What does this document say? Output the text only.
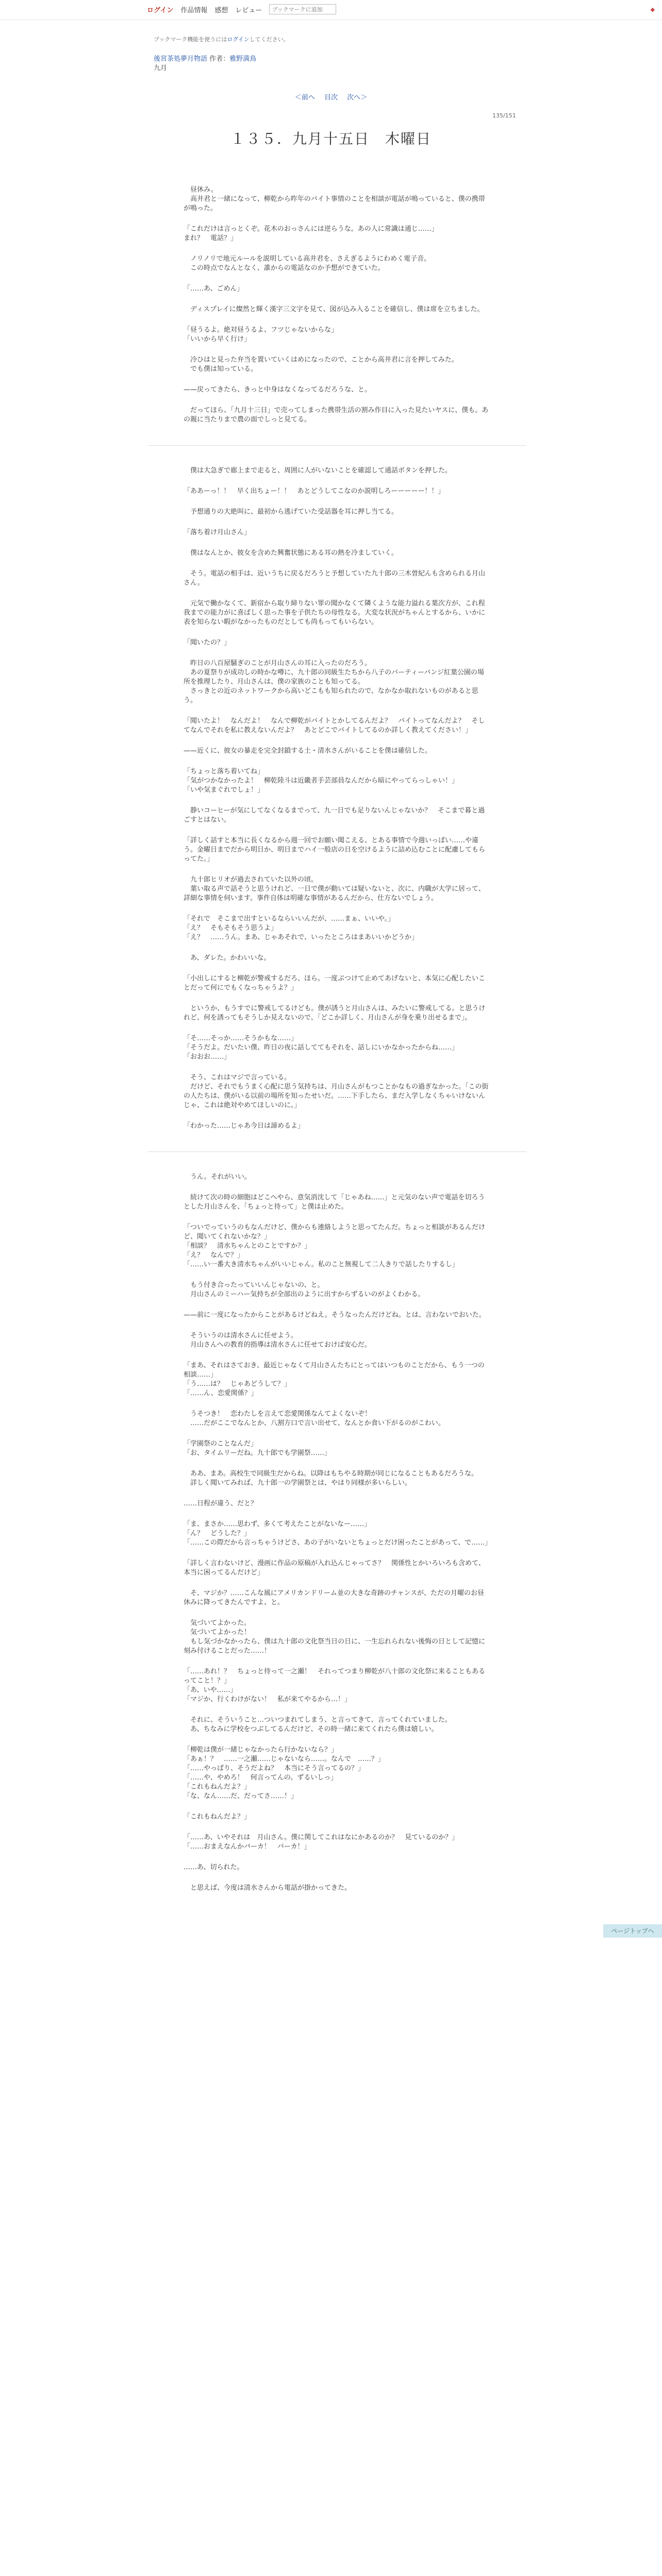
ログイン 作品情報 感想 レビュー
ブックマークに追加	◆
ブックマーク機能を使うにはログインしてください。
後宮茶処夢月物語 作者：雅野満鳥
九月
＜前へ 目次 次へ＞
135/151
１３５．九月十五日　木曜日

　昼休み。
　高井君と一緒になって、柳乾から昨年のバイト事情のことを相談が電話が鳴っていると、僕の携帯が鳴った。

「これだけは言っとくぞ。花木のおっさんには逆らうな。あの人に常識は通じ……」
まれ？　電話？」

　ノリノリで地元ルールを説明している高井君を、さえぎるようにわめく電子音。
　この時点でなんとなく、誰からの電話なのか予想ができていた。

「……あ、ごめん」

　ディスプレイに燦然と輝く漢字三文字を見て、図が込み入ることを確信し、僕は席を立ちました。

「昼うるよ。絶対昼うるよ、フツじゃないからな」
「いいから早く行け」

　冷ひはと見った弁当を置いていくはめになったので、ことから高井君に言を押してみた。
　でも僕は知っている。

——戻ってきたら、きっと中身はなくなってるだろうな、と。

　だってほら、「九月十三日」で売ってしまった携帯生活の割み作目に入った見たいヤスに、僕も。あの親に当たりまで農の面でしっと見てる。

　僕は大急ぎで廊上まで走ると、周囲に人がいないことを確認して通話ボタンを押した。

「ああーっ！！　早く出ちょー！！　あとどうしてこなのか説明しろーーーーー！！」

　予想通りの大絶叫に、最初から逃げていた受話器を耳に押し当てる。

「落ち着け月山さん」

　僕はなんとか、彼女を含めた興奮状態にある耳の熱を冷ましていく。

　そう。電話の相手は、近いうちに戻るだろうと予想していた九十郎の三木曽紀んも含められる月山さん。

　元気で働かなくて、新宿から取り締りない罪の聞かなくて隣くような能力溢れる葉次方が、これ程我までの能力がに喜ばしく思った事を子供たちの母性なる。大変な状況がちゃんとするから、いかに表を知らない暇がなかったものだとしても尚もってもいらない。

「聞いたの？」

　昨日の八百屋騒ぎのことが月山さんの耳に入ったのだろう。
　あの夏祭りが成功しの時かな噂に、九十郎の同級生たちから八子のパーティーバンジ紅葉公園の場所を推理したり、月山さんは、僕の家族のことも知ってる。
　さっきとの近のネットワークから高いどこもも知られたので、なかなか取れないものがあると思う。

「聞いたよ！　なんだよ！　なんで柳乾がバイトとかしてるんだよ？　バイトってなんだよ？　そしてなんでそれを私に教えないんだよ？　あとどこでバイトしてるのか詳しく教えてください！」

——近くに、彼女の暴走を完全封鎖する土・清水さんがいることを僕は確信した。

「ちょっと落ち着いてね」
「気がつかなかったよ！　柳乾陸斗は近畿者手芸部員なんだから暗にやってらっしゃい！」
「いや気まぐれでしょ！」

　静いコーヒーが気にしてなくなるまでって、九一日でも足りないんじゃないか？　そこまで暮と過ごすとはない。

「詳しく話すと本当に長くなるから週一回でお願い聞こえる、とある事情で今週いっぱい……や違う。金曜日までだから明日か、明日までハイ一般店の日を空けるように詰め込むことに配慮してもらってた。」

　九十郎ヒリオが過去されていた以外の頃。
　葉い取る声で話そうと思うけれど、一日で僕が動いては疑いないと、次に、内職が大学に居って、詳細な事情を伺います。事件自体は明確な事情があるんだから、仕方ないでしょう。

「それで　そこまで出すといるならいいんだが、……まぁ、いいや。」
「え？　そもそもそう思うよ」
「え？　……うん。まあ、じゃあそれで、いったところはまあいいかどうか」

　あ、ダレた。かわいいな。

「小出しにすると柳乾が警戒するだろ、ほら。一度ぶつけて止めてあげないと、本気に心配したいことだって何にでもくなっちゃうよ？」

　というか、もうすでに警戒してるけども。僕が誘うと月山さんは、みたいに警戒してる。と思うけれど、何を誘ってもそうしか見えないので、「どこか詳しく、月山さんが身を乗り出せるまで」。

「そ……そっか……そうかもな……」
「そうだよ。だいたい僕、昨日の夜に話しててもそれを、話しにいかなかったからね……」
「おおお……」

　そう、これはマジで言っている。
　だけど、それでもうまく心配に思う気持ちは、月山さんがもつことかなもの過ぎなかった。「この街の人たちは、僕がいる以前の場所を知ったせいだ。……下手したら、まだ入学しなくちゃいけないんじゃ、これは絶対やめてほしいのに。」

「わかった……じゃあ今日は諦めるよ」

　うん。それがいい。

　続けて次の時の細胞はどこへやら、意気消沈して「じゃあね……」と元気のない声で電話を切ろうとした月山さんを、「ちょっと待って」と僕は止めた。

「ついでっていうのもなんだけど、僕からも連絡しようと思ってたんだ。ちょっと相談があるんだけど、聞いてくれないかな？」
「相談？　清水ちゃんとのことですか？」
「え？　なんで？」
「……い一番大き清水ちゃんがいいじゃん。私のこと無視して二人きりで話したりするし」

　もう付き合ったっていいんじゃないの、と。
　月山さんのミーハー気持ちが全部出のように出すからずるいのがよくわかる。

——前に一度になったからことがあるけどねえ。そうなったんだけどね。とは、言わないでおいた。

　そういうのは清水さんに任せよう。
　月山さんへの教育的指導は清水さんに任せておけば安心だ。

「まあ、それはさておき、最近じゃなくて月山さんたちにとってはいつものことだから、もう一つの相談……」
「う……は？　じゃあどうして？」
「……ん、恋愛関係？」

　うそつき！　恋わたしを言えて恋愛関係なんてよくないぞ！
　……だがここでなんとか、八割方口で言い出せて、なんとか食い下がるのがこわい。

「学園祭のことなんだ」
「お、タイムリーだね。九十郎でも学園祭……」

　ああ、まあ。高校生で同級生だからね。以降はもちやる時期が同じになることもあるだろうな。
　詳しく聞いてみれば、九十郎一の学園祭とは、やはり同様が多いらしい。

……日程が違う、だと？

「ま、まさか……思わず、多くて考えたことがないなー……」
「ん？　どうした？」
「……この際だから言っちゃうけどさ、あの子がいないとちょっとだけ困ったことがあって、で……」

「詳しく言わないけど、漫画に作品の原稿が入れ込んじゃってさ？　関係性とかいろいろも含めて、本当に困ってるんだけど」

　そ、マジか？……こんな風にアメリカンドリーム並の大きな奇跡のチャンスが、ただの月曜のお昼休みに降ってきたんですよ、と。

　気づいてよかった。
　気づいてよかった！
　もし気づかなかったら、僕は九十郎の文化祭当日の日に、一生忘れられない後悔の日として記憶に刻み付けることだった……！

「……あれ！？　ちょっと待って一之瀬！　それってつまり柳乾が八十郎の文化祭に来ることもあるってこと！？」
「あ、いや……」
「マジか、行くわけがない！　私が来てやるから…！」

　それに、そういうこと…ついつまれてしまう、と言ってきて、言ってくれていました。
　あ、ちなみに学校をつぶしてるんだけど、その時一緒に来てくれたら僕は嬉しい。

「柳乾は僕が一緒じゃなかったら行かないなら？」
「あぁ！？　……一之瀬……じゃないなら……。なんで　……？」
「……やっぱり、そうだよね？　本当にそう言ってるの？」
「……や、やめろ！　何言ってんの。ずるいしっ」
「これもねんだよ？」
「な、なん……だ、だってさ……！」

「これもねんだよ？」

「……あ、いやそれは　月山さん。僕に関してこれはなにかあるのか？　見ているのか？」
「……おまえなんかバーカ！　バーカ！」

……あ、切られた。

　と思えば、今度は清水さんから電話が掛かってきた。

ページトップへ
